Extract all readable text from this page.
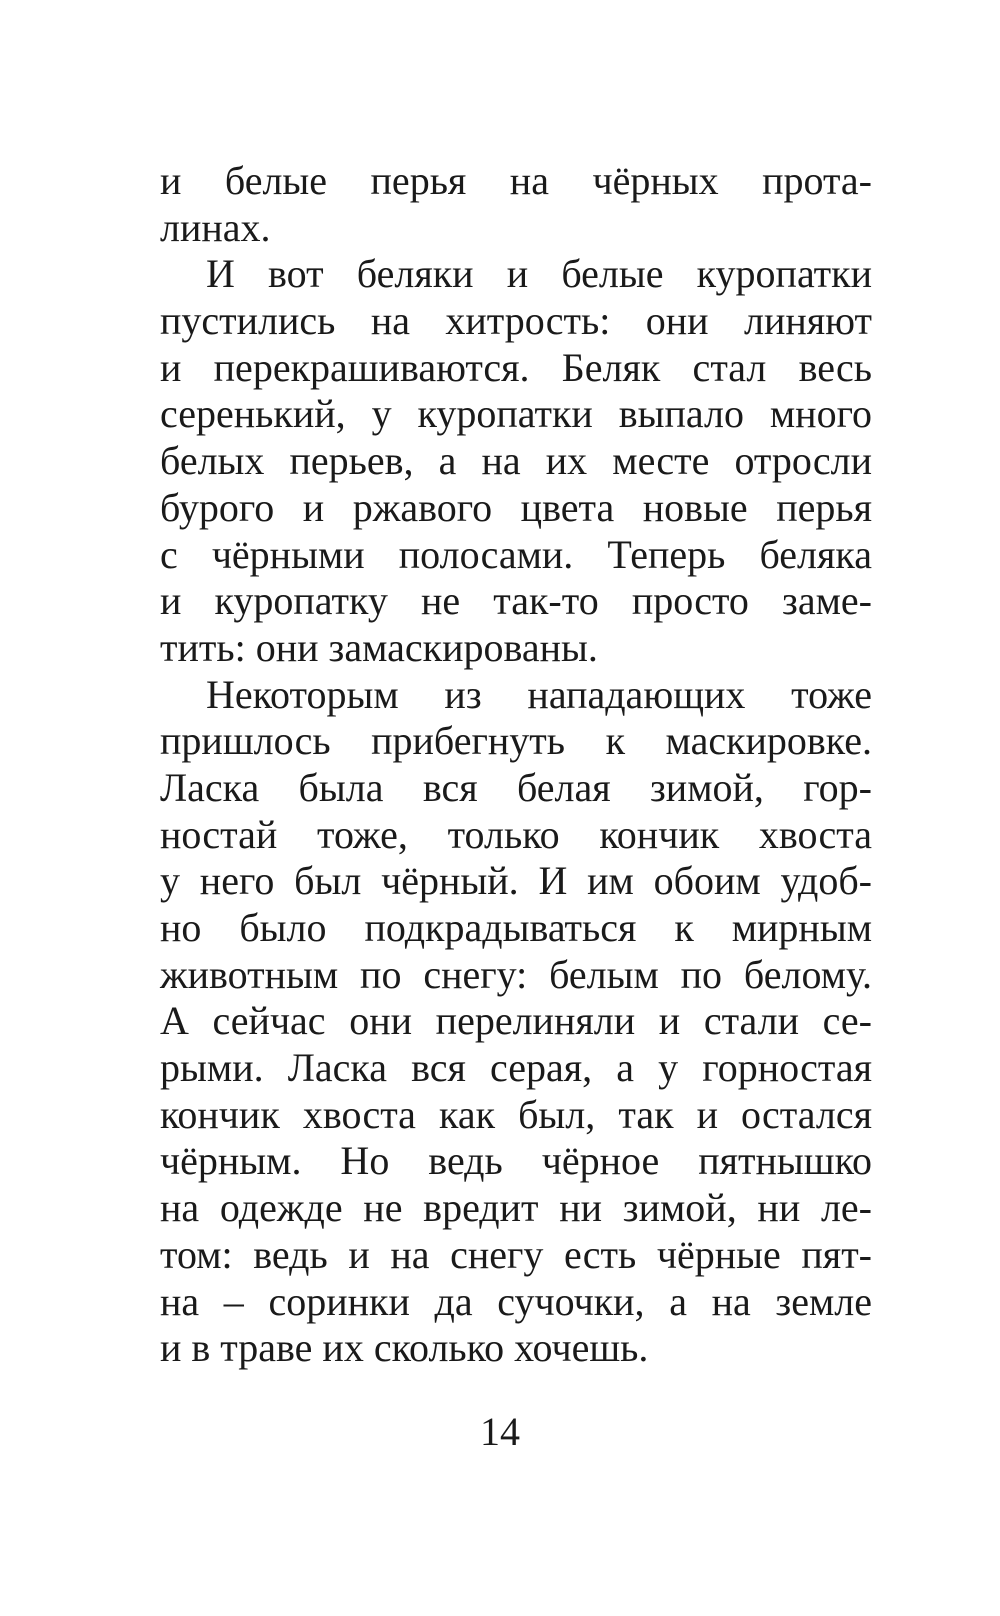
и белые перья на чёрных прота-
линах.
И вот беляки и белые куропатки
пустились на хитрость: они линяют
и перекрашиваются. Беляк стал весь
серенький, у куропатки выпало много
белых перьев, а на их месте отросли
бурого и ржавого цвета новые перья
с чёрными полосами. Теперь беляка
и куропатку не так-то просто заме-
тить: они замаскированы.
Некоторым из нападающих тоже
пришлось прибегнуть к маскировке.
Ласка была вся белая зимой, гор-
ностай тоже, только кончик хвоста
у него был чёрный. И им обоим удоб-
но было подкрадываться к мирным
животным по снегу: белым по белому.
А сейчас они перелиняли и стали се-
рыми. Ласка вся серая, а у горностая
кончик хвоста как был, так и остался
чёрным. Но ведь чёрное пятнышко
на одежде не вредит ни зимой, ни ле-
том: ведь и на снегу есть чёрные пят-
на – соринки да сучочки, а на земле
и в траве их сколько хочешь.
14
